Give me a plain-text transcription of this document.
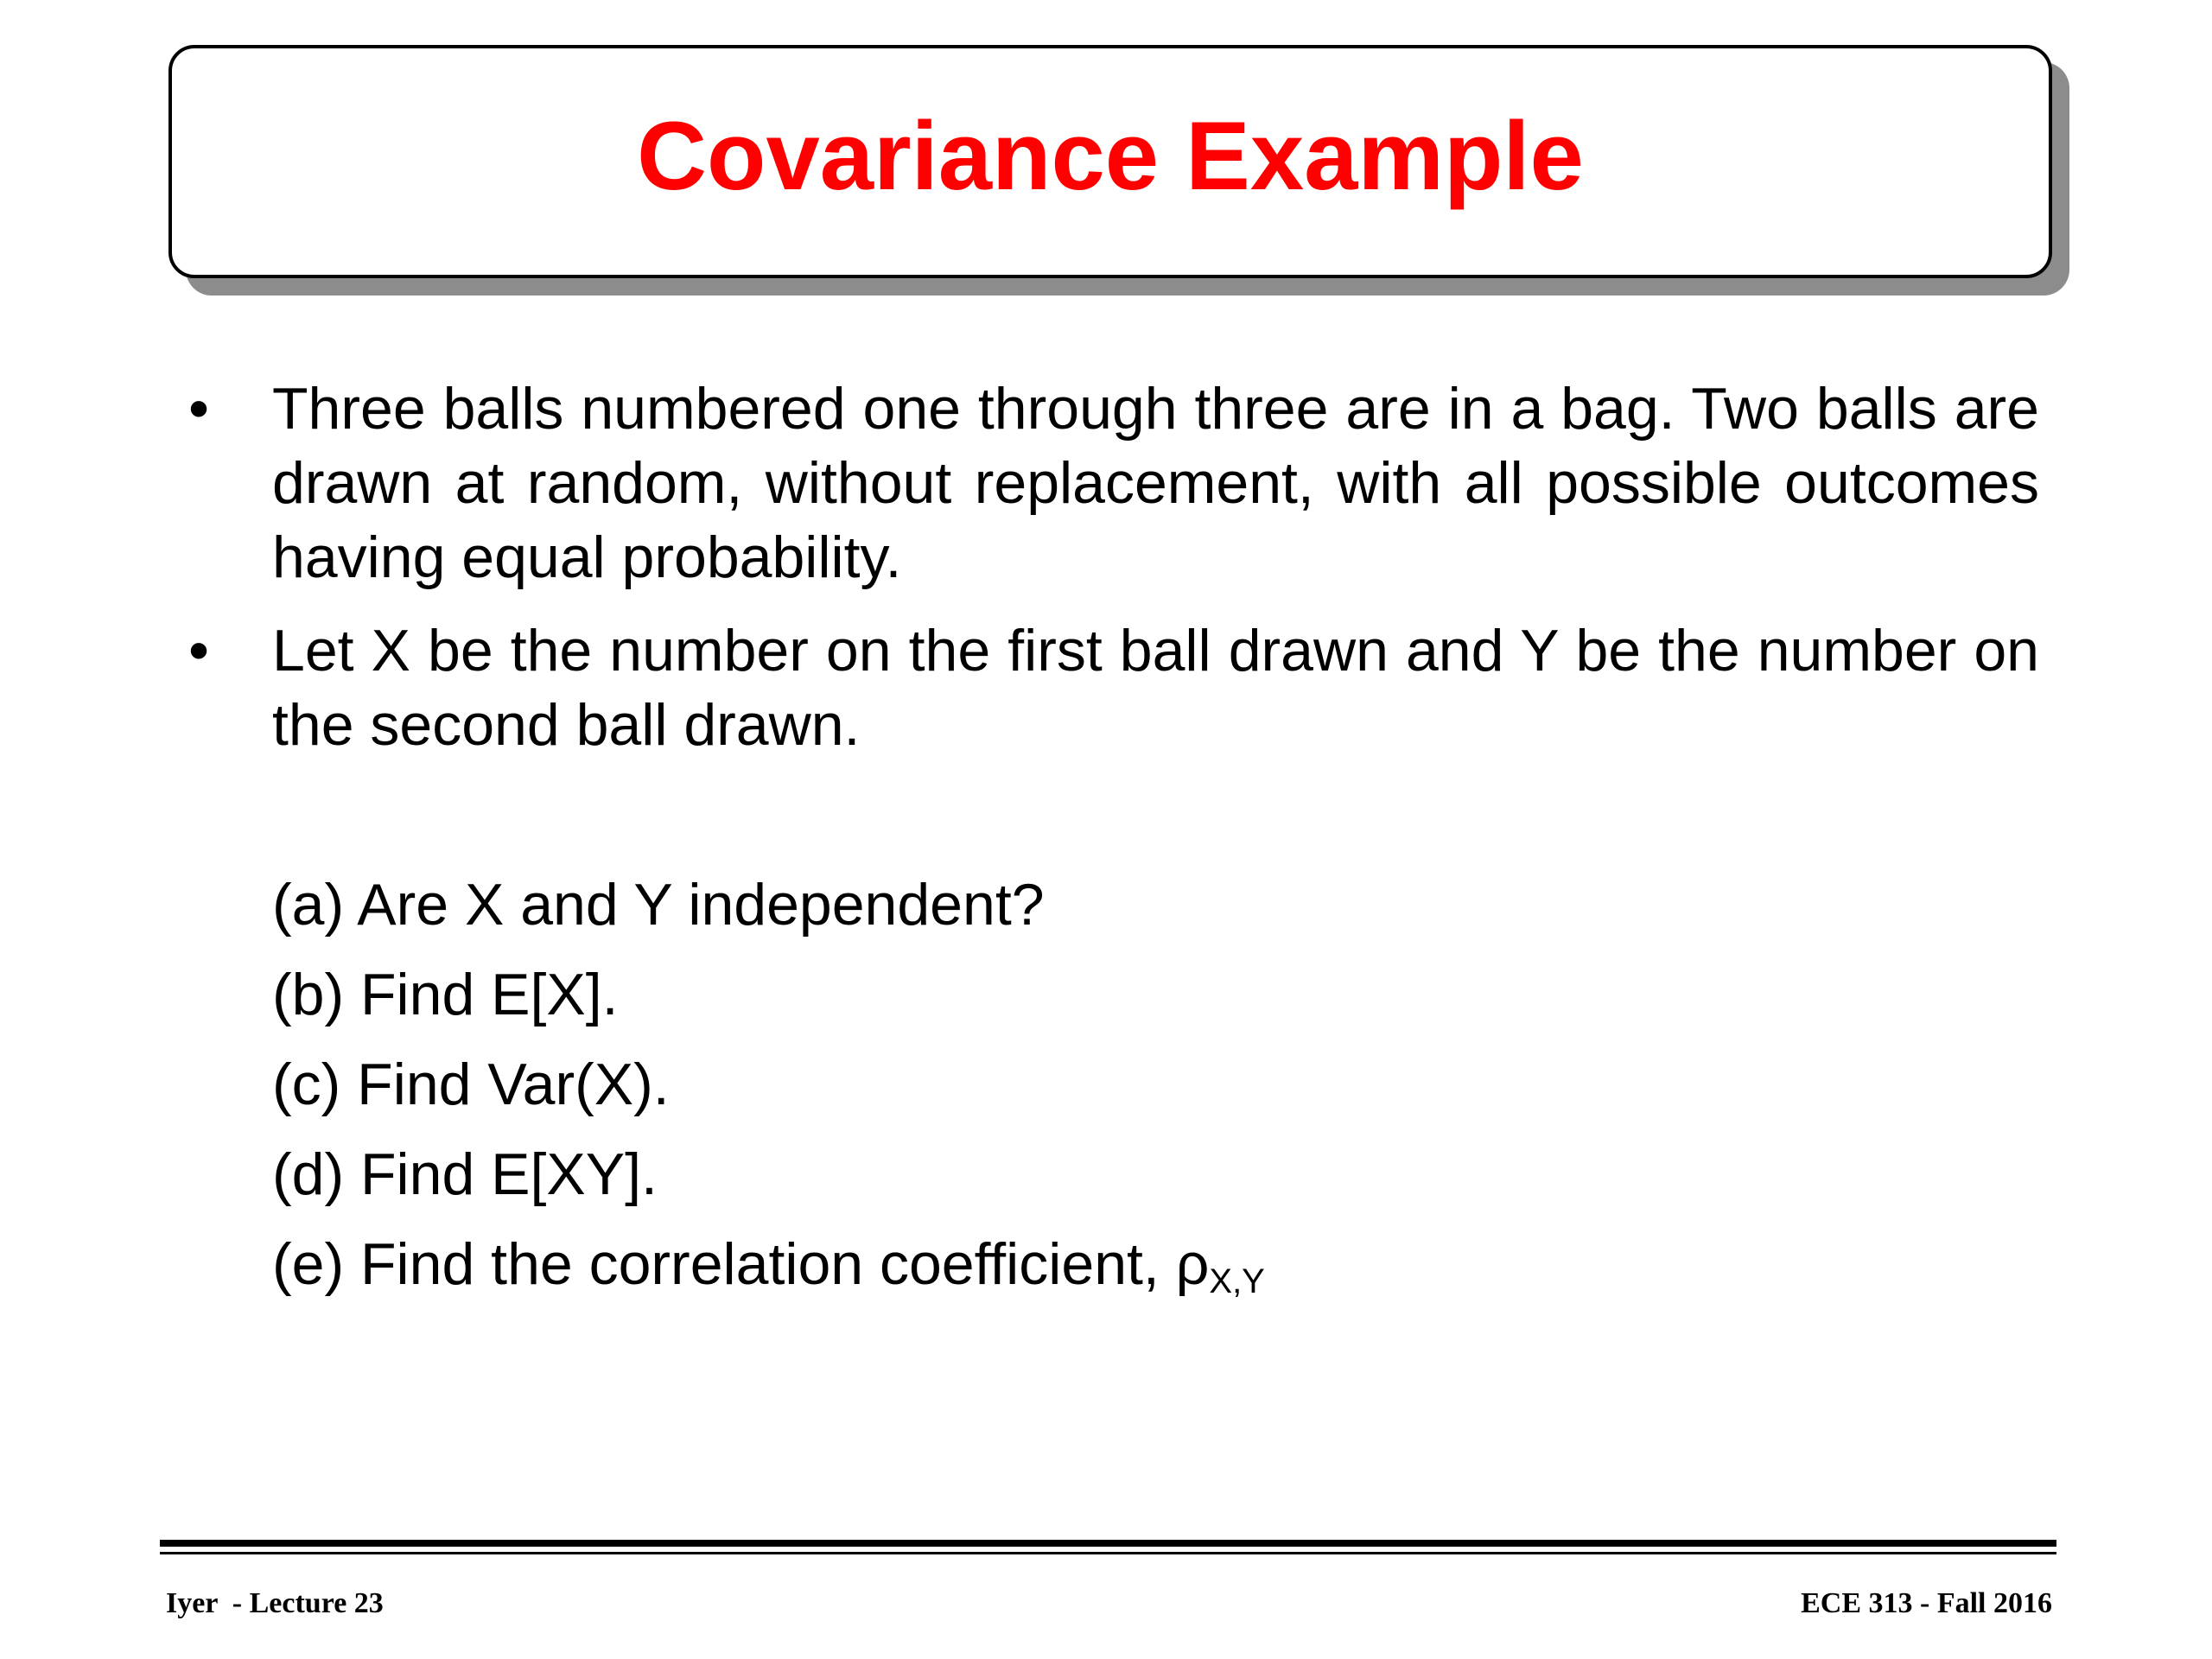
Covariance Example
• Three balls numbered one through three are in a bag. Two balls are drawn at random, without replacement, with all possible outcomes having equal probability.
• Let X be the number on the first ball drawn and Y be the number on the second ball drawn.
(a) Are X and Y independent?
(b) Find E[X].
(c) Find Var(X).
(d) Find E[XY].
(e) Find the correlation coefficient, $\rho_{X,Y}$
Iyer  - Lecture 23	ECE 313 - Fall 2016
